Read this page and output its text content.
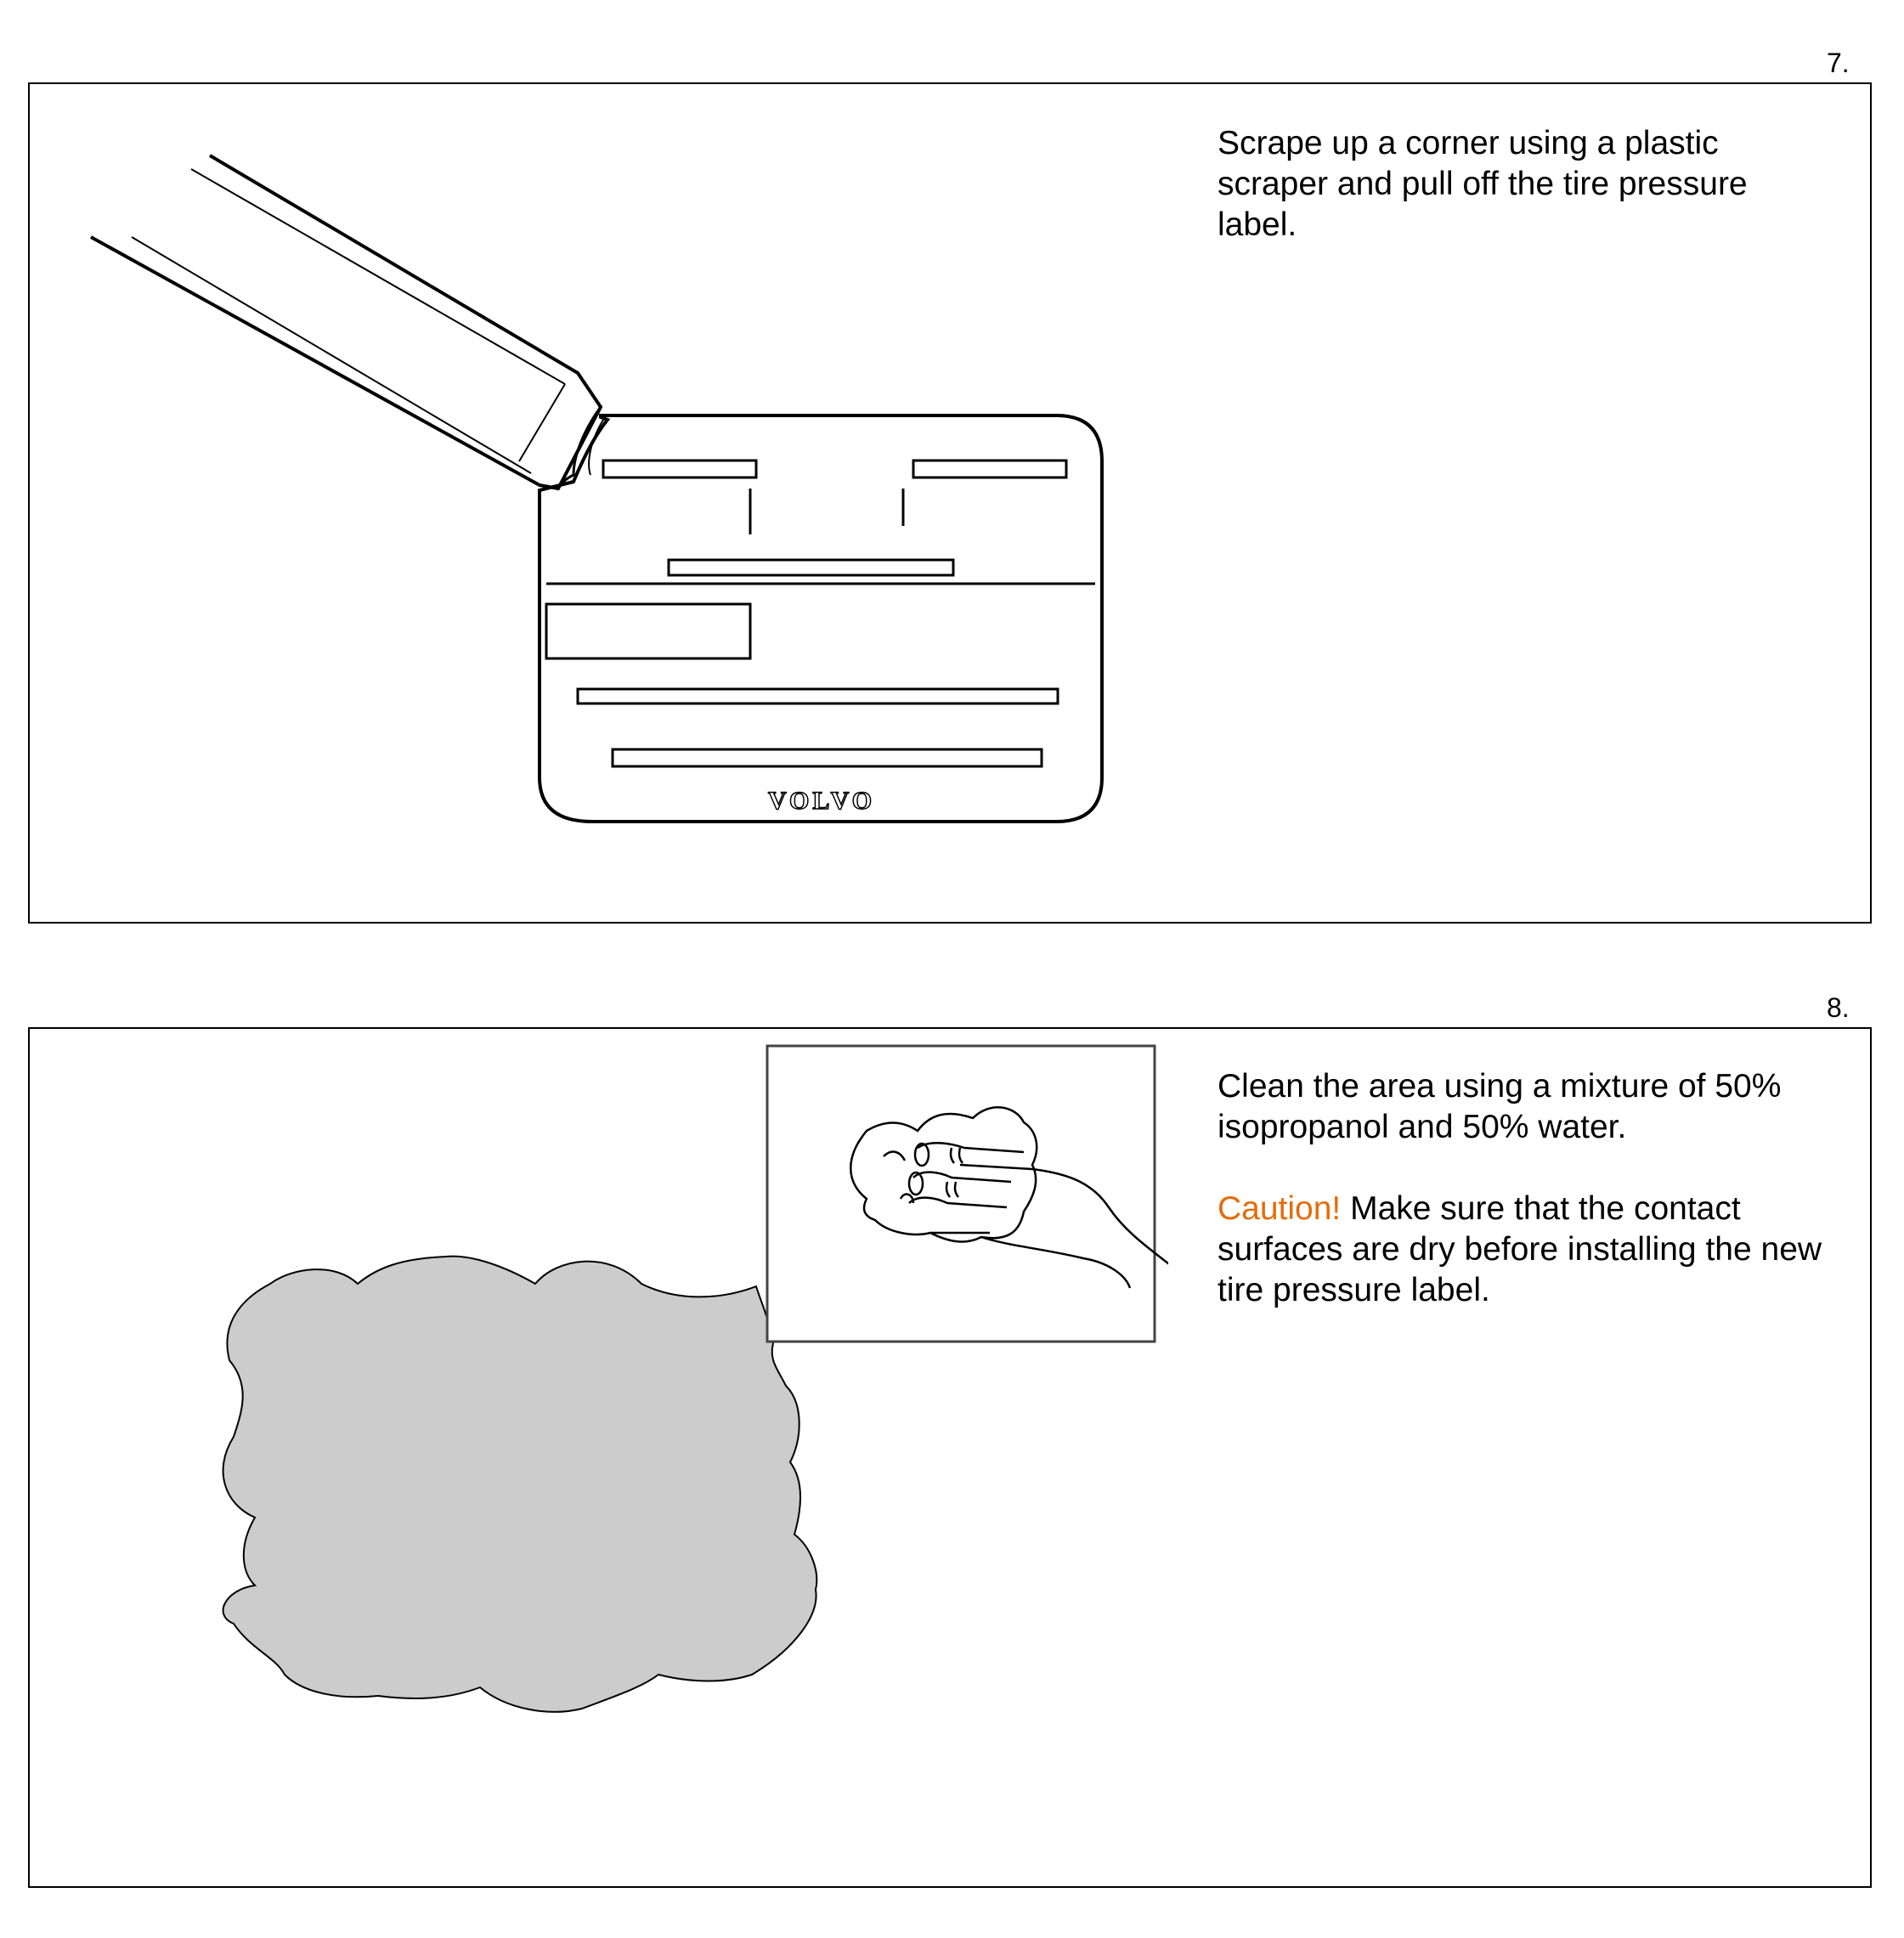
7.
VOLVO

Scrape up a corner using a plastic scraper and pull off the tire pressure label.

8.

Clean the area using a mixture of 50% isopropanol and 50% water.

Caution! Make sure that the contact surfaces are dry before installing the new tire pressure label.
